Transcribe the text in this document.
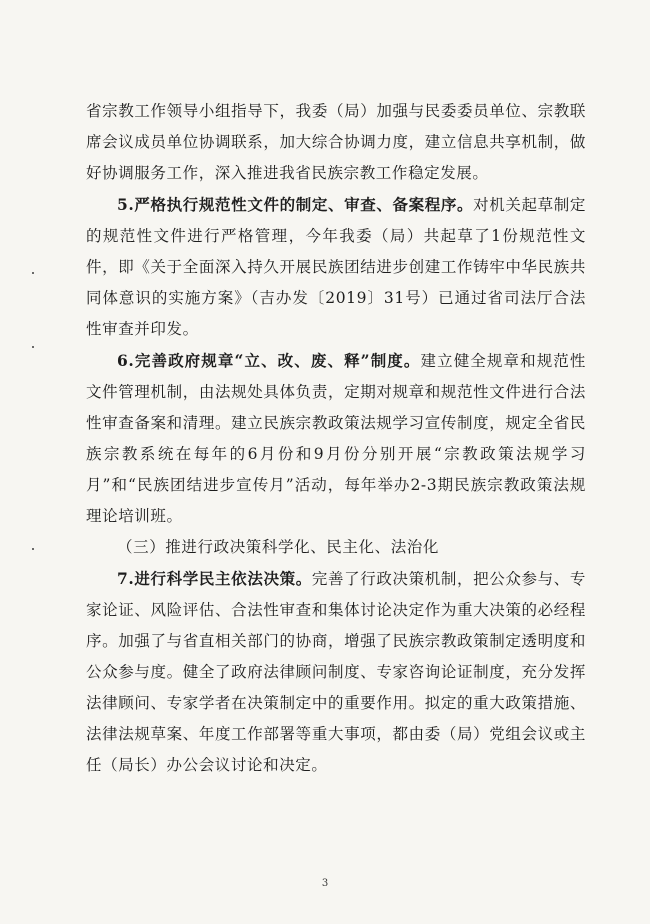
省宗教工作领导小组指导下，我委（局）加强与民委委员单位、宗教联席会议成员单位协调联系，加大综合协调力度，建立信息共享机制，做好协调服务工作，深入推进我省民族宗教工作稳定发展。

5.严格执行规范性文件的制定、审查、备案程序。对机关起草制定的规范性文件进行严格管理，今年我委（局）共起草了1份规范性文件，即《关于全面深入持久开展民族团结进步创建工作铸牢中华民族共同体意识的实施方案》（吉办发〔2019〕31号）已通过省司法厅合法性审查并印发。

6.完善政府规章“立、改、废、释”制度。建立健全规章和规范性文件管理机制，由法规处具体负责，定期对规章和规范性文件进行合法性审查备案和清理。建立民族宗教政策法规学习宣传制度，规定全省民族宗教系统在每年的6月份和9月份分别开展“宗教政策法规学习月”和“民族团结进步宣传月”活动，每年举办2-3期民族宗教政策法规理论培训班。

（三）推进行政决策科学化、民主化、法治化

7.进行科学民主依法决策。完善了行政决策机制，把公众参与、专家论证、风险评估、合法性审查和集体讨论决定作为重大决策的必经程序。加强了与省直相关部门的协商，增强了民族宗教政策制定透明度和公众参与度。健全了政府法律顾问制度、专家咨询论证制度，充分发挥法律顾问、专家学者在决策制定中的重要作用。拟定的重大政策措施、法律法规草案、年度工作部署等重大事项，都由委（局）党组会议或主任（局长）办公会议讨论和决定。

3
